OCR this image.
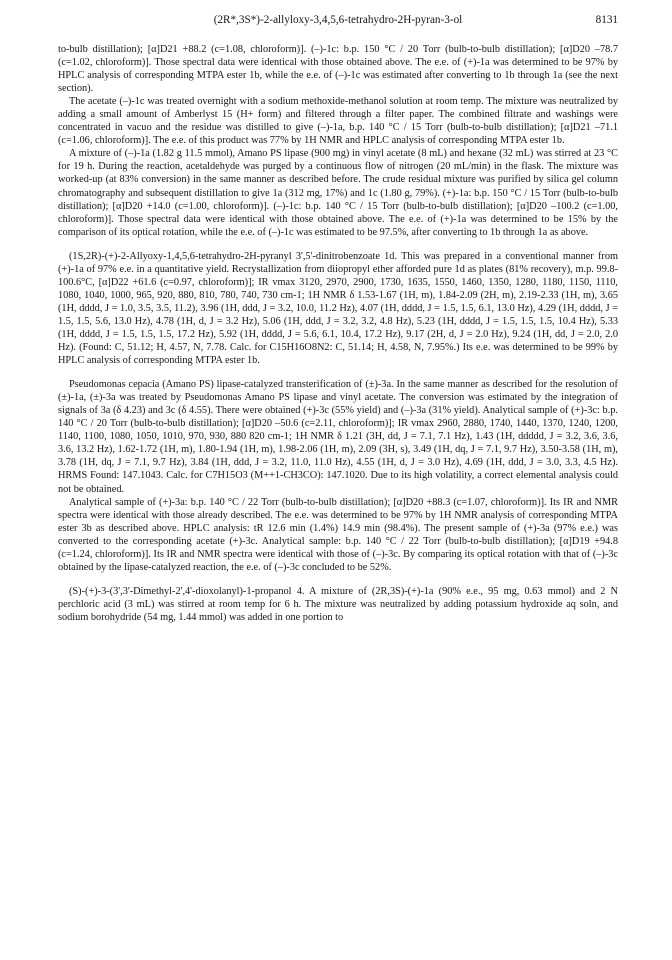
(2R*,3S*)-2-allyloxy-3,4,5,6-tetrahydro-2H-pyran-3-ol	8131

to-bulb distillation); [α]D21 +88.2 (c=1.08, chloroform)]. (–)-1c: b.p. 150 °C / 20 Torr (bulb-to-bulb distillation); [α]D20 –78.7 (c=1.02, chloroform)]. Those spectral data were identical with those obtained above. The e.e. of (+)-1a was determined to be 97% by HPLC analysis of corresponding MTPA ester 1b, while the e.e. of (–)-1c was estimated after converting to 1b through 1a (see the next section).

The acetate (–)-1c was treated overnight with a sodium methoxide-methanol solution at room temp. The mixture was neutralized by adding a small amount of Amberlyst 15 (H+ form) and filtered through a filter paper. The combined filtrate and washings were concentrated in vacuo and the residue was distilled to give (–)-1a, b.p. 140 °C / 15 Torr (bulb-to-bulb distillation); [α]D21 –71.1 (c=1.06, chloroform)]. The e.e. of this product was 77% by 1H NMR and HPLC analysis of corresponding MTPA ester 1b.

A mixture of (–)-1a (1.82 g 11.5 mmol), Amano PS lipase (900 mg) in vinyl acetate (8 mL) and hexane (32 mL) was stirred at 23 °C for 19 h. During the reaction, acetaldehyde was purged by a continuous flow of nitrogen (20 mL/min) in the flask. The mixture was worked-up (at 83% conversion) in the same manner as described before. The crude residual mixture was purified by silica gel column chromatography and subsequent distillation to give 1a (312 mg, 17%) and 1c (1.80 g, 79%). (+)-1a: b.p. 150 °C / 15 Torr (bulb-to-bulb distillation); [α]D20 +14.0 (c=1.00, chloroform)]. (–)-1c: b.p. 140 °C / 15 Torr (bulb-to-bulb distillation); [α]D20 –100.2 (c=1.00, chloroform)]. Those spectral data were identical with those obtained above. The e.e. of (+)-1a was determined to be 15% by the comparison of its optical rotation, while the e.e. of (–)-1c was estimated to be 97.5%, after converting to 1b through 1a as above.

(1S,2R)-(+)-2-Allyoxy-1,4,5,6-tetrahydro-2H-pyranyl 3',5'-dinitrobenzoate 1d. This was prepared in a conventional manner from (+)-1a of 97% e.e. in a quantitative yield. Recrystallization from diiopropyl ether afforded pure 1d as plates (81% recovery), m.p. 99.8-100.6°C, [α]D22 +61.6 (c=0.97, chloroform)]; IR vmax 3120, 2970, 2900, 1730, 1635, 1550, 1460, 1350, 1280, 1180, 1150, 1110, 1080, 1040, 1000, 965, 920, 880, 810, 780, 740, 730 cm-1; 1H NMR δ 1.53-1.67 (1H, m), 1.84-2.09 (2H, m), 2.19-2.33 (1H, m), 3.65 (1H, dddd, J = 1.0, 3.5, 3.5, 11.2), 3.96 (1H, ddd, J = 3.2, 10.0, 11.2 Hz), 4.07 (1H, dddd, J = 1.5, 1.5, 6.1, 13.0 Hz), 4.29 (1H, dddd, J = 1.5, 1.5, 5.6, 13.0 Hz), 4.78 (1H, d, J = 3.2 Hz), 5.06 (1H, ddd, J = 3.2, 3.2, 4.8 Hz), 5.23 (1H, dddd, J = 1.5, 1.5, 1.5, 10.4 Hz), 5.33 (1H, dddd, J = 1.5, 1.5, 1.5, 17.2 Hz), 5.92 (1H, dddd, J = 5.6, 6.1, 10.4, 17.2 Hz), 9.17 (2H, d, J = 2.0 Hz), 9.24 (1H, dd, J = 2.0, 2.0 Hz). (Found: C, 51.12; H, 4.57, N, 7.78. Calc. for C15H16O8N2: C, 51.14; H, 4.58, N, 7.95%.) Its e.e. was determined to be 99% by HPLC analysis of corresponding MTPA ester 1b.

Pseudomonas cepacia (Amano PS) lipase-catalyzed transterification of (±)-3a. In the same manner as described for the resolution of (±)-1a, (±)-3a was treated by Pseudomonas Amano PS lipase and vinyl acetate. The conversion was estimated by the integration of signals of 3a (δ 4.23) and 3c (δ 4.55). There were obtained (+)-3c (55% yield) and (–)-3a (31% yield). Analytical sample of (+)-3c: b.p. 140 °C / 20 Torr (bulb-to-bulb distillation); [α]D20 –50.6 (c=2.11, chloroform)]; IR vmax 2960, 2880, 1740, 1440, 1370, 1240, 1200, 1140, 1100, 1080, 1050, 1010, 970, 930, 880 820 cm-1; 1H NMR δ 1.21 (3H, dd, J = 7.1, 7.1 Hz), 1.43 (1H, ddddd, J = 3.2, 3.6, 3.6, 3.6, 13.2 Hz), 1.62-1.72 (1H, m), 1.80-1.94 (1H, m), 1.98-2.06 (1H, m), 2.09 (3H, s), 3.49 (1H, dq, J = 7.1, 9.7 Hz), 3.50-3.58 (1H, m), 3.78 (1H, dq, J = 7.1, 9.7 Hz), 3.84 (1H, ddd, J = 3.2, 11.0, 11.0 Hz), 4.55 (1H, d, J = 3.0 Hz), 4.69 (1H, ddd, J = 3.0, 3.3, 4.5 Hz). HRMS Found: 147.1043. Calc. for C7H15O3 (M++1-CH3CO): 147.1020. Due to its high volatility, a correct elemental analysis could not be obtained.

Analytical sample of (+)-3a: b.p. 140 °C / 22 Torr (bulb-to-bulb distillation); [α]D20 +88.3 (c=1.07, chloroform)]. Its IR and NMR spectra were identical with those already described. The e.e. was determined to be 97% by 1H NMR analysis of corresponding MTPA ester 3b as described above. HPLC analysis: tR 12.6 min (1.4%) 14.9 min (98.4%). The present sample of (+)-3a (97% e.e.) was converted to the corresponding acetate (+)-3c. Analytical sample: b.p. 140 °C / 22 Torr (bulb-to-bulb distillation); [α]D19 +94.8 (c=1.24, chloroform)]. Its IR and NMR spectra were identical with those of (–)-3c. By comparing its optical rotation with that of (–)-3c obtained by the lipase-catalyzed reaction, the e.e. of (–)-3c concluded to be 52%.

(S)-(+)-3-(3',3'-Dimethyl-2',4'-dioxolanyl)-1-propanol 4. A mixture of (2R,3S)-(+)-1a (90% e.e., 95 mg, 0.63 mmol) and 2 N perchloric acid (3 mL) was stirred at room temp for 6 h. The mixture was neutralized by adding potassium hydroxide aq soln, and sodium borohydride (54 mg, 1.44 mmol) was added in one portion to
